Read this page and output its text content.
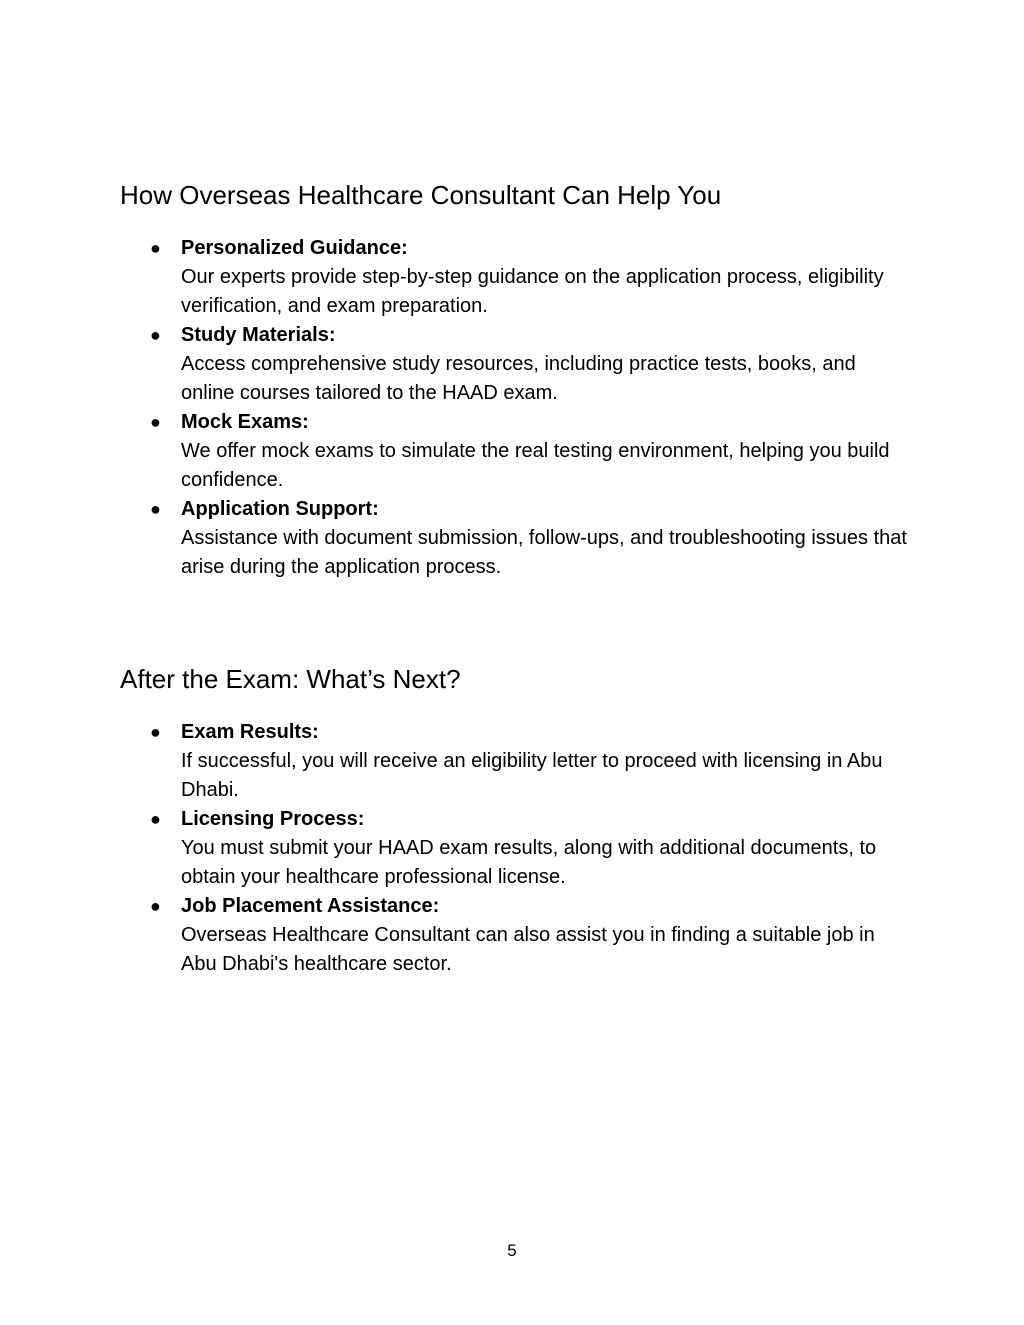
How Overseas Healthcare Consultant Can Help You
● Personalized Guidance:
Our experts provide step-by-step guidance on the application process, eligibility verification, and exam preparation.
● Study Materials:
Access comprehensive study resources, including practice tests, books, and online courses tailored to the HAAD exam.
● Mock Exams:
We offer mock exams to simulate the real testing environment, helping you build confidence.
● Application Support:
Assistance with document submission, follow-ups, and troubleshooting issues that arise during the application process.
After the Exam: What’s Next?
● Exam Results:
If successful, you will receive an eligibility letter to proceed with licensing in Abu Dhabi.
● Licensing Process:
You must submit your HAAD exam results, along with additional documents, to obtain your healthcare professional license.
● Job Placement Assistance:
Overseas Healthcare Consultant can also assist you in finding a suitable job in Abu Dhabi's healthcare sector.
5
